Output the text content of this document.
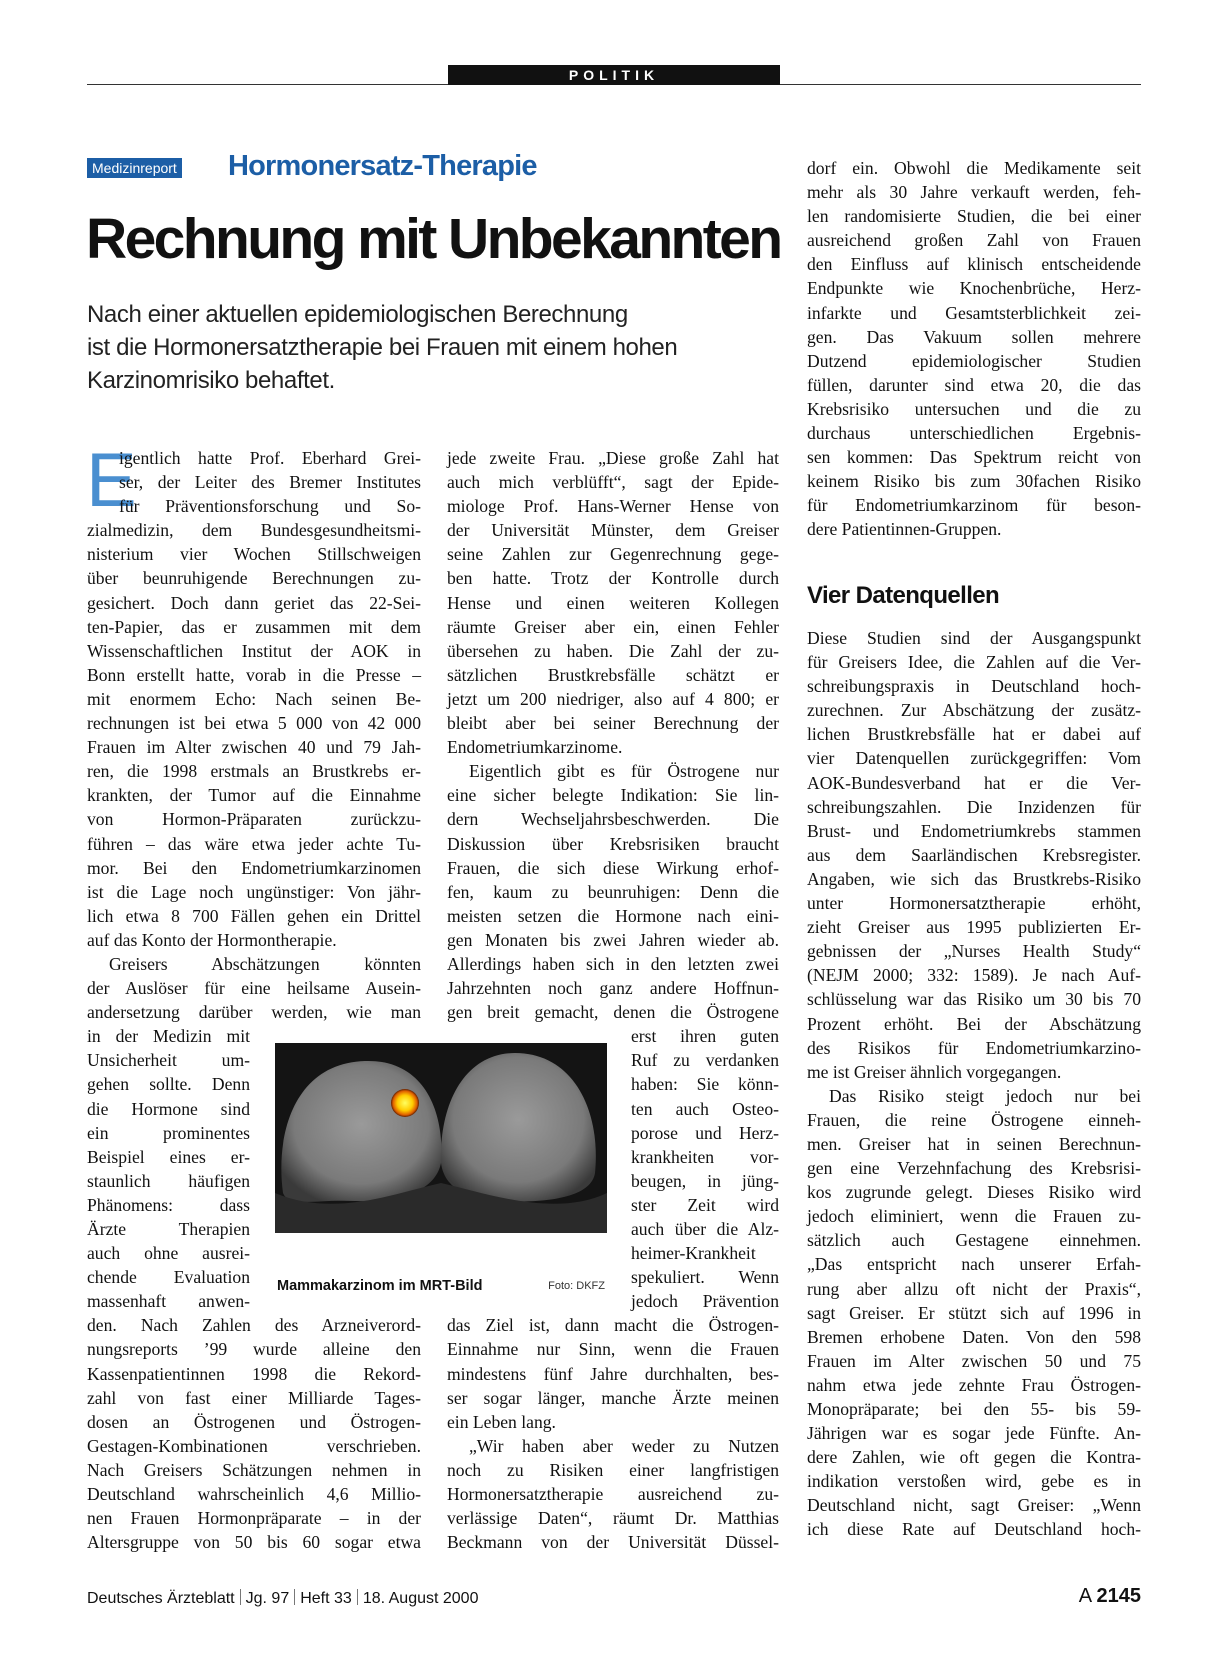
POLITIK
Medizinreport Hormonersatz-Therapie
Rechnung mit Unbekannten
Nach einer aktuellen epidemiologischen Berechnung
ist die Hormonersatztherapie bei Frauen mit einem hohen
Karzinomrisiko behaftet.
E
igentlich hatte Prof. Eberhard Grei-
ser, der Leiter des Bremer Institutes
für Präventionsforschung und So-
zialmedizin, dem Bundesgesundheitsmi-
nisterium vier Wochen Stillschweigen
über beunruhigende Berechnungen zu-
gesichert. Doch dann geriet das 22-Sei-
ten-Papier, das er zusammen mit dem
Wissenschaftlichen Institut der AOK in
Bonn erstellt hatte, vorab in die Presse –
mit enormem Echo: Nach seinen Be-
rechnungen ist bei etwa 5 000 von 42 000
Frauen im Alter zwischen 40 und 79 Jah-
ren, die 1998 erstmals an Brustkrebs er-
krankten, der Tumor auf die Einnahme
von Hormon-Präparaten zurückzu-
führen – das wäre etwa jeder achte Tu-
mor. Bei den Endometriumkarzinomen
ist die Lage noch ungünstiger: Von jähr-
lich etwa 8 700 Fällen gehen ein Drittel
auf das Konto der Hormontherapie.
Greisers Abschätzungen könnten
der Auslöser für eine heilsame Ausein-
andersetzung darüber werden, wie man
in der Medizin mit
Unsicherheit um-
gehen sollte. Denn
die Hormone sind
ein prominentes
Beispiel eines er-
staunlich häufigen
Phänomens: dass
Ärzte Therapien
auch ohne ausrei-
chende Evaluation
massenhaft anwen-
den. Nach Zahlen des Arzneiverord-
nungsreports ’99 wurde alleine den
Kassenpatientinnen 1998 die Rekord-
zahl von fast einer Milliarde Tages-
dosen an Östrogenen und Östrogen-
Gestagen-Kombinationen verschrieben.
Nach Greisers Schätzungen nehmen in
Deutschland wahrscheinlich 4,6 Millio-
nen Frauen Hormonpräparate – in der
Altersgruppe von 50 bis 60 sogar etwa
jede zweite Frau. „Diese große Zahl hat
auch mich verblüfft“, sagt der Epide-
miologe Prof. Hans-Werner Hense von
der Universität Münster, dem Greiser
seine Zahlen zur Gegenrechnung gege-
ben hatte. Trotz der Kontrolle durch
Hense und einen weiteren Kollegen
räumte Greiser aber ein, einen Fehler
übersehen zu haben. Die Zahl der zu-
sätzlichen Brustkrebsfälle schätzt er
jetzt um 200 niedriger, also auf 4 800; er
bleibt aber bei seiner Berechnung der
Endometriumkarzinome.
Eigentlich gibt es für Östrogene nur
eine sicher belegte Indikation: Sie lin-
dern Wechseljahrsbeschwerden. Die
Diskussion über Krebsrisiken braucht
Frauen, die sich diese Wirkung erhof-
fen, kaum zu beunruhigen: Denn die
meisten setzen die Hormone nach eini-
gen Monaten bis zwei Jahren wieder ab.
Allerdings haben sich in den letzten zwei
Jahrzehnten noch ganz andere Hoffnun-
gen breit gemacht, denen die Östrogene
erst ihren guten
Ruf zu verdanken
haben: Sie könn-
ten auch Osteo-
porose und Herz-
krankheiten vor-
beugen, in jüng-
ster Zeit wird
auch über die Alz-
heimer-Krankheit
spekuliert. Wenn
jedoch Prävention
das Ziel ist, dann macht die Östrogen-
Einnahme nur Sinn, wenn die Frauen
mindestens fünf Jahre durchhalten, bes-
ser sogar länger, manche Ärzte meinen
ein Leben lang.
„Wir haben aber weder zu Nutzen
noch zu Risiken einer langfristigen
Hormonersatztherapie ausreichend zu-
verlässige Daten“, räumt Dr. Matthias
Beckmann von der Universität Düssel-
dorf ein. Obwohl die Medikamente seit
mehr als 30 Jahre verkauft werden, feh-
len randomisierte Studien, die bei einer
ausreichend großen Zahl von Frauen
den Einfluss auf klinisch entscheidende
Endpunkte wie Knochenbrüche, Herz-
infarkte und Gesamtsterblichkeit zei-
gen. Das Vakuum sollen mehrere
Dutzend epidemiologischer Studien
füllen, darunter sind etwa 20, die das
Krebsrisiko untersuchen und die zu
durchaus unterschiedlichen Ergebnis-
sen kommen: Das Spektrum reicht von
keinem Risiko bis zum 30fachen Risiko
für Endometriumkarzinom für beson-
dere Patientinnen-Gruppen.
Vier Datenquellen
Diese Studien sind der Ausgangspunkt
für Greisers Idee, die Zahlen auf die Ver-
schreibungspraxis in Deutschland hoch-
zurechnen. Zur Abschätzung der zusätz-
lichen Brustkrebsfälle hat er dabei auf
vier Datenquellen zurückgegriffen: Vom
AOK-Bundesverband hat er die Ver-
schreibungszahlen. Die Inzidenzen für
Brust- und Endometriumkrebs stammen
aus dem Saarländischen Krebsregister.
Angaben, wie sich das Brustkrebs-Risiko
unter Hormonersatztherapie erhöht,
zieht Greiser aus 1995 publizierten Er-
gebnissen der „Nurses Health Study“
(NEJM 2000; 332: 1589). Je nach Auf-
schlüsselung war das Risiko um 30 bis 70
Prozent erhöht. Bei der Abschätzung
des Risikos für Endometriumkarzino-
me ist Greiser ähnlich vorgegangen.
Das Risiko steigt jedoch nur bei
Frauen, die reine Östrogene einneh-
men. Greiser hat in seinen Berechnun-
gen eine Verzehnfachung des Krebsrisi-
kos zugrunde gelegt. Dieses Risiko wird
jedoch eliminiert, wenn die Frauen zu-
sätzlich auch Gestagene einnehmen.
„Das entspricht nach unserer Erfah-
rung aber allzu oft nicht der Praxis“,
sagt Greiser. Er stützt sich auf 1996 in
Bremen erhobene Daten. Von den 598
Frauen im Alter zwischen 50 und 75
nahm etwa jede zehnte Frau Östrogen-
Monopräparate; bei den 55- bis 59-
Jährigen war es sogar jede Fünfte. An-
dere Zahlen, wie oft gegen die Kontra-
indikation verstoßen wird, gebe es in
Deutschland nicht, sagt Greiser: „Wenn
ich diese Rate auf Deutschland hoch-
Mammakarzinom im MRT-Bild	Foto: DKFZ
Deutsches Ärzteblatt Jg. 97 Heft 33 18. August 2000	A 2145
